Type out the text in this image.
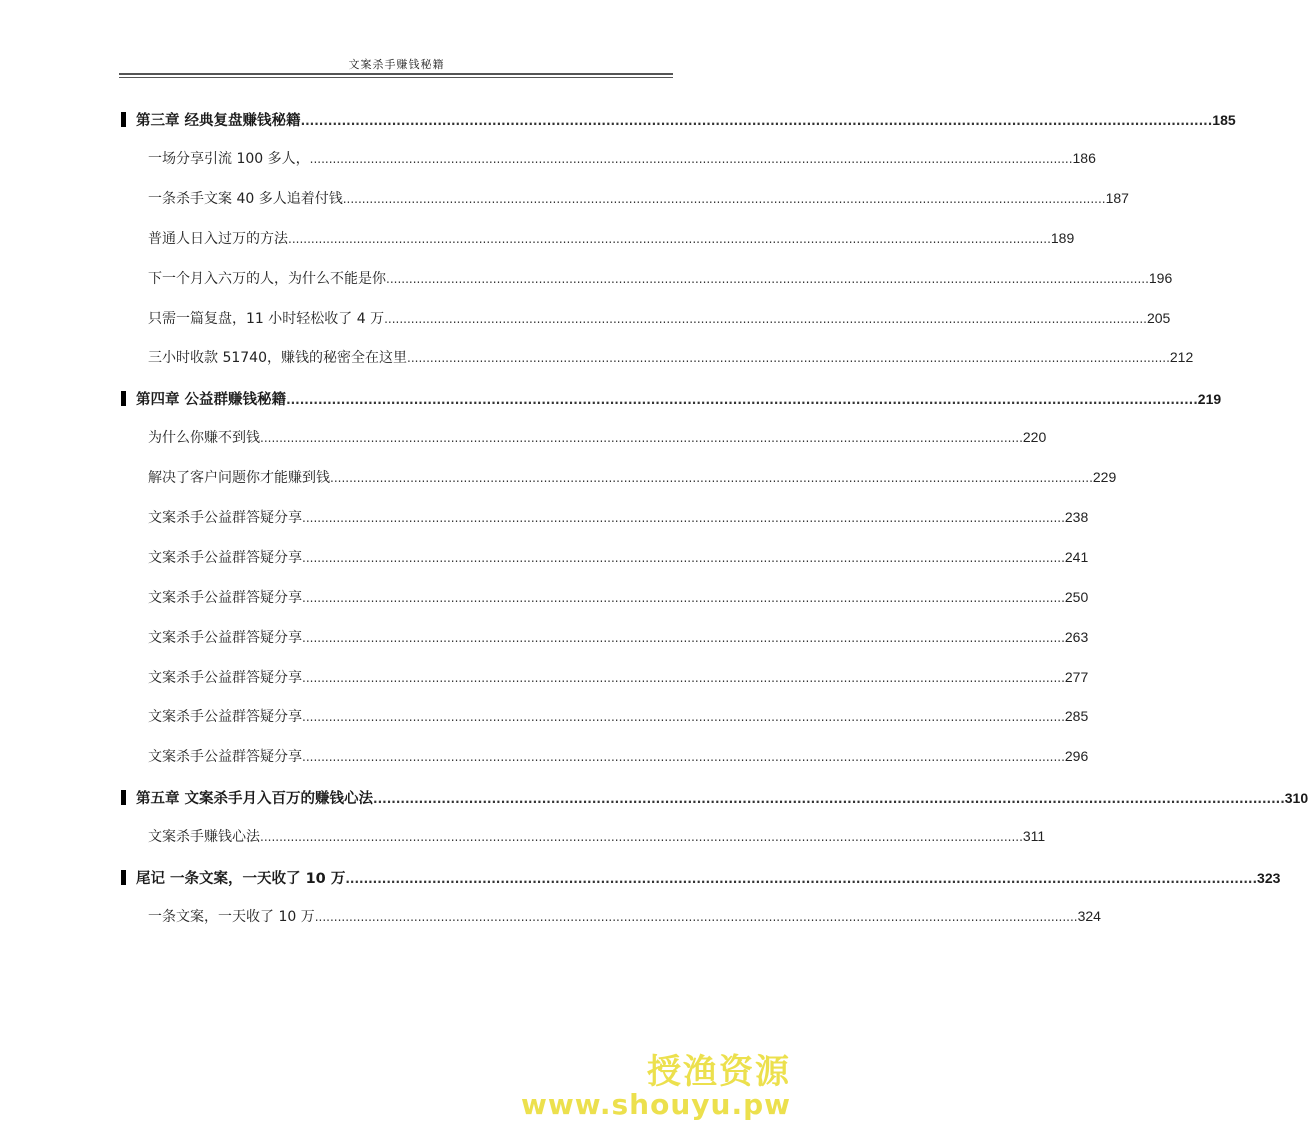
文案杀手赚钱秘籍
第三章 经典复盘赚钱秘籍 ........................................................................................................................................................................................................ 185
一场分享引流 100 多人， ........................................................................................................................................................................................................ 186
一条杀手文案 40 多人追着付钱 ........................................................................................................................................................................................................ 187
普通人日入过万的方法 ........................................................................................................................................................................................................ 189
下一个月入六万的人，为什么不能是你 ........................................................................................................................................................................................................ 196
只需一篇复盘，11 小时轻松收了 4 万 ........................................................................................................................................................................................................ 205
三小时收款 51740，赚钱的秘密全在这里 ........................................................................................................................................................................................................ 212
第四章 公益群赚钱秘籍 ........................................................................................................................................................................................................ 219
为什么你赚不到钱 ........................................................................................................................................................................................................ 220
解决了客户问题你才能赚到钱 ........................................................................................................................................................................................................ 229
文案杀手公益群答疑分享 ........................................................................................................................................................................................................ 238
文案杀手公益群答疑分享 ........................................................................................................................................................................................................ 241
文案杀手公益群答疑分享 ........................................................................................................................................................................................................ 250
文案杀手公益群答疑分享 ........................................................................................................................................................................................................ 263
文案杀手公益群答疑分享 ........................................................................................................................................................................................................ 277
文案杀手公益群答疑分享 ........................................................................................................................................................................................................ 285
文案杀手公益群答疑分享 ........................................................................................................................................................................................................ 296
第五章 文案杀手月入百万的赚钱心法 ........................................................................................................................................................................................................ 310
文案杀手赚钱心法 ........................................................................................................................................................................................................ 311
尾记 一条文案，一天收了 10 万 ........................................................................................................................................................................................................ 323
一条文案，一天收了 10 万 ........................................................................................................................................................................................................ 324
授渔资源
www.shouyu.pw
